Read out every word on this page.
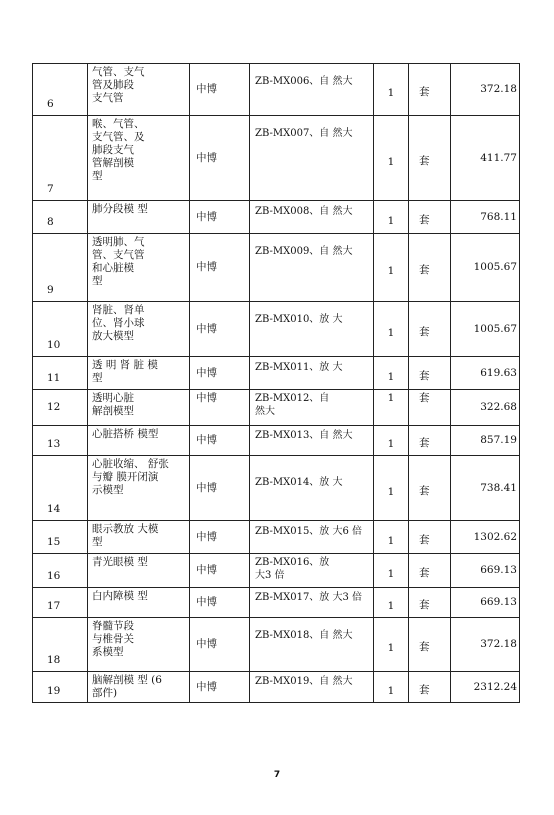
6	气管、支气
管及肺段
支气管	中博	ZB-MX006、自 然大	1	套	372.18
7	喉、气管、
支气管、及
肺段支气
管解剖模
型	中博	ZB-MX007、自 然大	1	套	411.77
8	肺分段模 型	中博	ZB-MX008、自 然大	1	套	768.11
9	透明肺、气
管、支气管
和心脏模
型	中博	ZB-MX009、自 然大	1	套	1005.67
10	肾脏、肾单
位、肾小球
放大模型	中博	ZB-MX010、放 大	1	套	1005.67
11	透 明 肾 脏 模
型	中博	ZB-MX011、放 大	1	套	619.63
12	透明心脏
解剖模型	中博	ZB-MX012、自
然大	1	套	322.68
13	心脏搭桥 模型	中博	ZB-MX013、自 然大	1	套	857.19
14	心脏收缩、 舒张
与瓣 膜开闭演
示模型	中博	ZB-MX014、放 大	1	套	738.41
15	眼示教放 大模
型	中博	ZB-MX015、放 大6 倍	1	套	1302.62
16	青光眼模 型	中博	ZB-MX016、放
大3 倍	1	套	669.13
17	白内障模 型	中博	ZB-MX017、放 大3 倍	1	套	669.13
18	脊髓节段
与椎骨关
系模型	中博	ZB-MX018、自 然大	1	套	372.18
19	脑解剖模 型 (6
部件)	中博	ZB-MX019、自 然大	1	套	2312.24
7
